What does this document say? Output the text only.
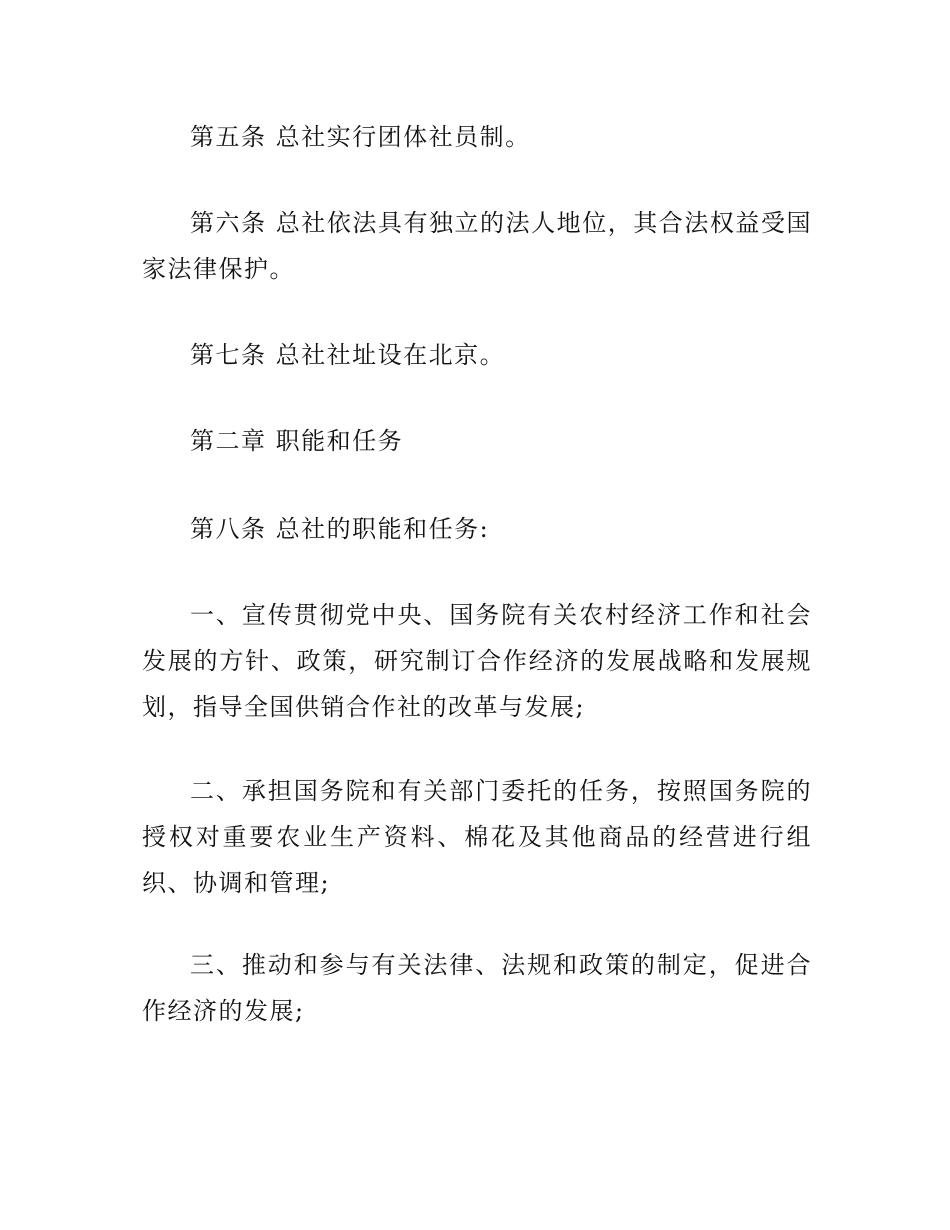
第五条 总社实行团体社员制。

第六条 总社依法具有独立的法人地位，其合法权益受国家法律保护。

第七条 总社社址设在北京。

第二章 职能和任务

第八条 总社的职能和任务:

一、宣传贯彻党中央、国务院有关农村经济工作和社会发展的方针、政策，研究制订合作经济的发展战略和发展规划，指导全国供销合作社的改革与发展;

二、承担国务院和有关部门委托的任务，按照国务院的授权对重要农业生产资料、棉花及其他商品的经营进行组织、协调和管理;

三、推动和参与有关法律、法规和政策的制定，促进合作经济的发展;
